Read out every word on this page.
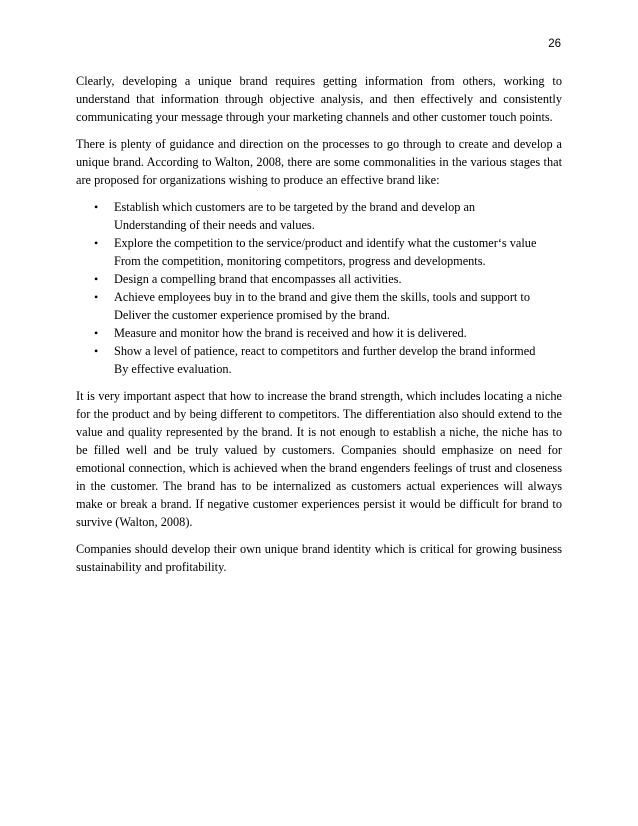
26

Clearly, developing a unique brand requires getting information from others, working to understand that information through objective analysis, and then effectively and consistently communicating your message through your marketing channels and other customer touch points.

There is plenty of guidance and direction on the processes to go through to create and develop a unique brand. According to Walton, 2008, there are some commonalities in the various stages that are proposed for organizations wishing to produce an effective brand like:

• Establish which customers are to be targeted by the brand and develop an Understanding of their needs and values.
• Explore the competition to the service/product and identify what the customer‘s value From the competition, monitoring competitors, progress and developments.
• Design a compelling brand that encompasses all activities.
• Achieve employees buy in to the brand and give them the skills, tools and support to Deliver the customer experience promised by the brand.
• Measure and monitor how the brand is received and how it is delivered.
• Show a level of patience, react to competitors and further develop the brand informed By effective evaluation.

It is very important aspect that how to increase the brand strength, which includes locating a niche for the product and by being different to competitors. The differentiation also should extend to the value and quality represented by the brand. It is not enough to establish a niche, the niche has to be filled well and be truly valued by customers. Companies should emphasize on need for emotional connection, which is achieved when the brand engenders feelings of trust and closeness in the customer. The brand has to be internalized as customers actual experiences will always make or break a brand. If negative customer experiences persist it would be difficult for brand to survive (Walton, 2008).

Companies should develop their own unique brand identity which is critical for growing business sustainability and profitability.
